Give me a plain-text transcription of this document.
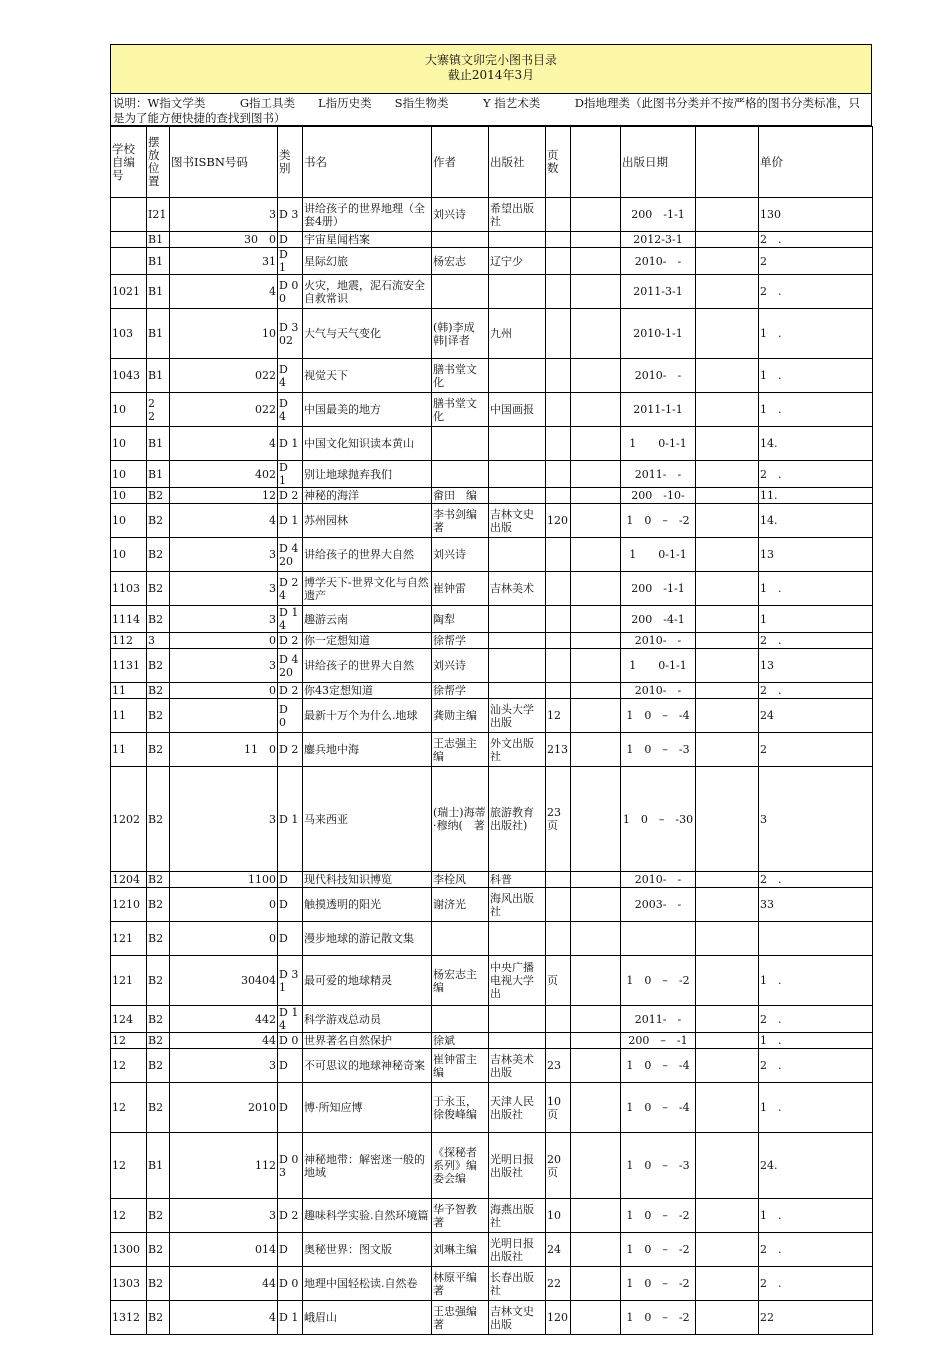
大寨镇文卯完小图书目录
截止2014年3月
说明：W指文学类　　　G指工具类　　L指历史类　　S指生物类　　　Y 指艺术类　　　D指地理类（此图书分类并不按严格的图书分类标准，只是为了能方便快捷的查找到图书）
学校自编号	摆放位置	图书ISBN号码	类别	书名	作者	出版社	页数		出版日期		单价
	I21	3	D 3	讲给孩子的世界地理（全套4册）	刘兴诗	希望出版社			200　-1-1		130
	B1	30　0	D	宇宙星闻档案					2012-3-1		2　.
	B1	31	D　1	星际幻旅	杨宏志	辽宁少			2010-　-		2
1021	B1	4	D 00	火灾，地震，泥石流安全自救常识					2011-3-1		2　.
103	B1	10	D 302	大气与天气变化	(韩)李成韩|译者	九州			2010-1-1		1　.
1043	B1	022	D　4	视觉天下	膳书堂文化				2010-　-		1　.
10	2　2	022	D　4	中国最美的地方	膳书堂文化	中国画报			2011-1-1		1　.
10	B1	4	D 1	中国文化知识读本黄山					1　　0-1-1		14.
10	B1	402	D　1	别让地球抛弃我们					2011-　-		2　.
10	B2	12	D 2	神秘的海洋	畲田　编				200　-10-		11.
10	B2	4	D 1	苏州园林	李书剑编著	吉林文史出版	120		1　0　–　-2		14.
10	B2	3	D 420	讲给孩子的世界大自然	刘兴诗				1　　0-1-1		13
1103	B2	3	D 24	博学天下-世界文化与自然遗产	崔钟雷	吉林美术			200　-1-1		1　.
1114	B2	3	D 14	趣游云南	陶犁				200　-4-1		1
112	3	0	D 2	你一定想知道	徐帮学				2010-　-		2　.
1131	B2	3	D 420	讲给孩子的世界大自然	刘兴诗				1　　0-1-1		13
11	B2	0	D 2	你43定想知道	徐帮学				2010-　-		2　.
11	B2		D　0	最新十万个为什么.地球	龚勋主编	汕头大学出版	12		1　0　–　-4		24
11	B2	11　0	D 2	鏖兵地中海	王志强主编	外文出版社	213		1　0　–　-3		2
1202	B2	3	D 1	马来西亚	(瑞士)海蒂·穆纳(　著	旅游教育出版社)	23页		1　0　–　-30		3
1204	B2	1100	D	现代科技知识博览	李栓风	科普			2010-　-		2　.
1210	B2	0	D	触摸透明的阳光	谢济光	海风出版社			2003-　-		33
121	B2	0	D	漫步地球的游记散文集							
121	B2	30404	D 31	最可爱的地球精灵	杨宏志主编	中央广播电视大学出	页		1　0　–　-2		1　.
124	B2	442	D 14	科学游戏总动员					2011-　-		2　.
12	B2	44	D 0	世界著名自然保护	徐斌				200　–　-1		1　.
12	B2	3	D	不可思议的地球神秘奇案	崔钟雷主编	吉林美术出版	23		1　0　–　-4		2　.
12	B2	2010	D	博·所知应博	于永玉，徐俊峰编	天津人民出版社	10页		1　0　–　-4		1　.
12	B1	112	D 03	神秘地带：解密迷一般的地域	《探秘者系列》编委会编	光明日报出版社	20页		1　0　–　-3		24.
12	B2	3	D 2	趣味科学实验.自然环境篇	华予智教著	海燕出版社	10		1　0　–　-2		1　.
1300	B2	014	D	奥秘世界：图文版	刘琳主编	光明日报出版社	24		1　0　–　-2		2　.
1303	B2	44	D 0	地理中国轻松读.自然卷	林原平编著	长春出版社	22		1　0　–　-2		2　.
1312	B2	4	D 1	峨眉山	王忠强编著	吉林文史出版	120		1　0　–　-2		22
